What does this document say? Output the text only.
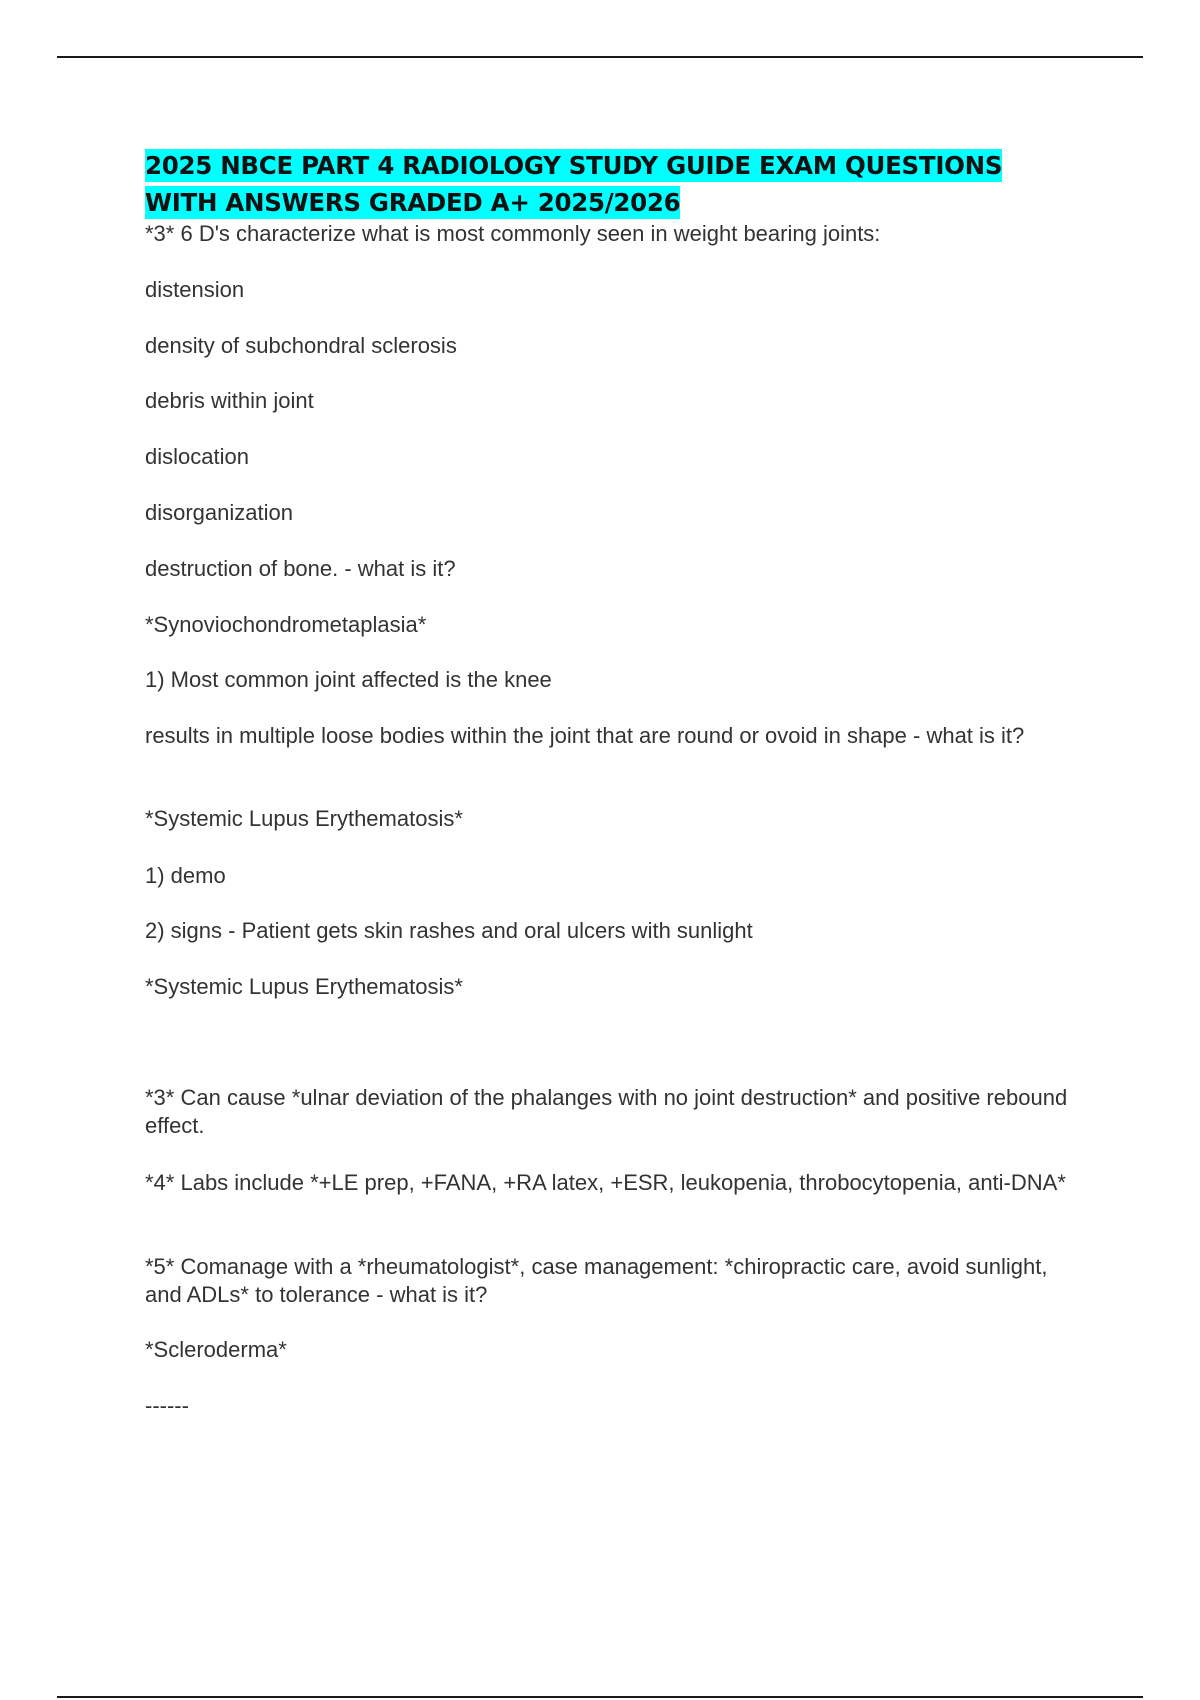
2025 NBCE PART 4 RADIOLOGY STUDY GUIDE EXAM QUESTIONS
WITH ANSWERS GRADED A+ 2025/2026

*3* 6 D's characterize what is most commonly seen in weight bearing joints:

distension

density of subchondral sclerosis

debris within joint

dislocation

disorganization

destruction of bone. - what is it?

*Synoviochondrometaplasia*

1) Most common joint affected is the knee

results in multiple loose bodies within the joint that are round or ovoid in shape - what is it?

*Systemic Lupus Erythematosis*

1) demo

2) signs - Patient gets skin rashes and oral ulcers with sunlight

*Systemic Lupus Erythematosis*

*3* Can cause *ulnar deviation of the phalanges with no joint destruction* and positive rebound effect.

*4* Labs include *+LE prep, +FANA, +RA latex, +ESR, leukopenia, throbocytopenia, anti-DNA*

*5* Comanage with a *rheumatologist*, case management: *chiropractic care, avoid sunlight, and ADLs* to tolerance - what is it?

*Scleroderma*

------
